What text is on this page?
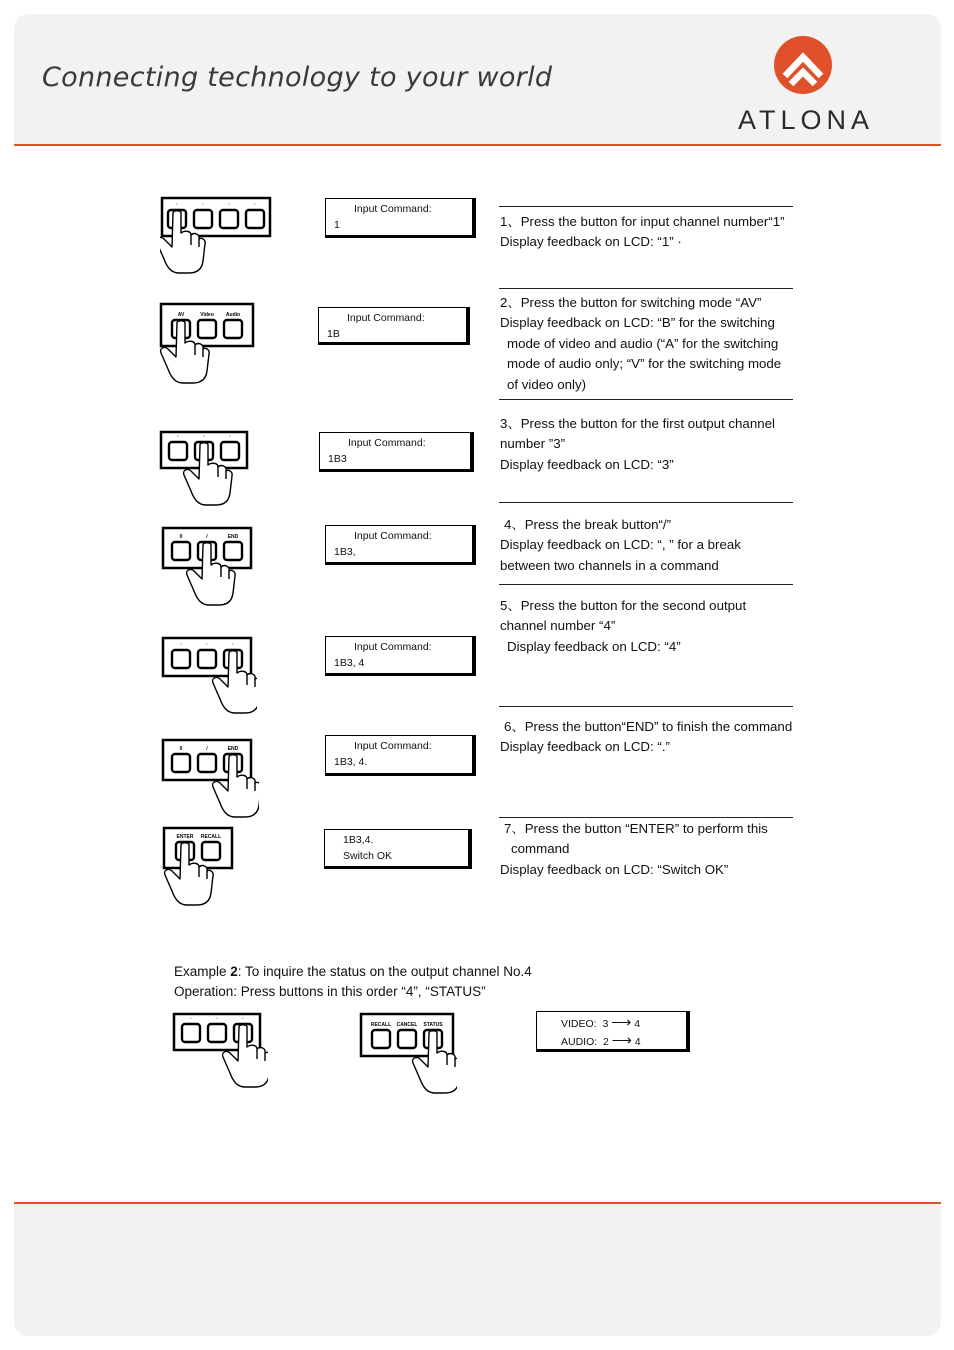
Connecting technology to your world
ATLONA
·	·	·	·
AV	Video Audio
·	·	·
0	/	END
·	·	·
0	/	END
ENTER RECALL
Input Command:
1
Input Command:
1B
Input Command:
1B3
Input Command:
1B3,
Input Command:
1B3, 4
Input Command:
1B3, 4.
1B3,4.
Switch OK
1、Press the button for input channel number“1”
Display feedback on LCD: “1” ·
2、Press the button for switching mode “AV”
Display feedback on LCD: “B” for the switching
mode of video and audio (“A” for the switching
mode of audio only; “V” for the switching mode
of video only)
3、Press the button for the first output channel
number ”3”
Display feedback on LCD: “3”
4、Press the break button“/”
Display feedback on LCD: “, ” for a break
between two channels in a command
5、Press the button for the second output
channel number “4”
Display feedback on LCD: “4”
6、Press the button“END” to finish the command
Display feedback on LCD: “.”
7、Press the button “ENTER” to perform this
command
Display feedback on LCD: “Switch OK”
Example 2: To inquire the status on the output channel No.4
Operation: Press buttons in this order “4”, “STATUS”
·	·	·
RECALL CANCEL STATUS	VIDEO: 3 ⟶ 4
AUDIO: 2 ⟶ 4
